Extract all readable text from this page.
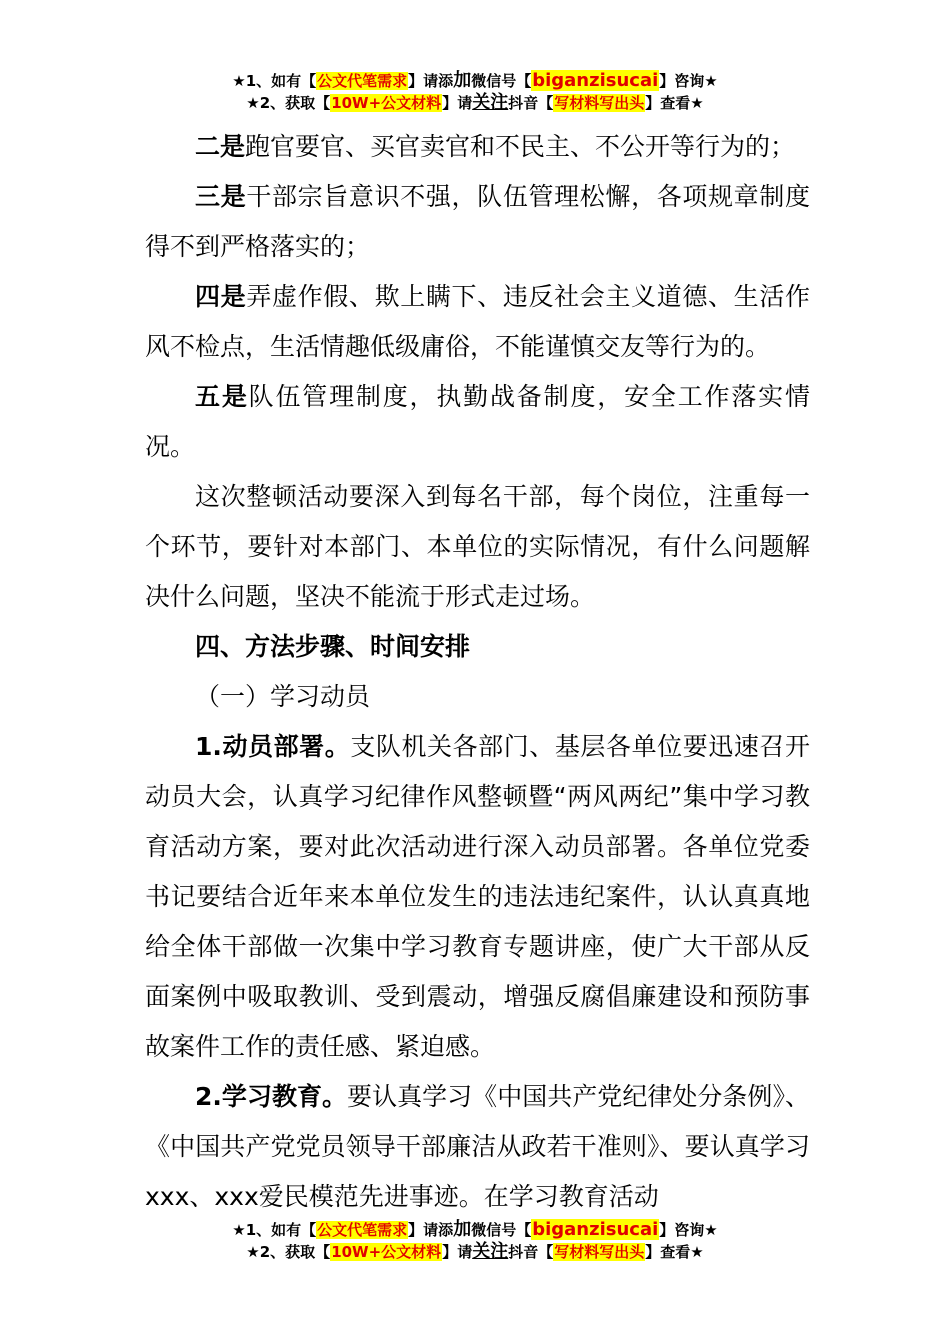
★1、如有【公文代笔需求】请添加微信号【biganzisucai】咨询★
★2、获取【10W+公文材料】请关注抖音【写材料写出头】查看★

二是跑官要官、买官卖官和不民主、不公开等行为的；

三是干部宗旨意识不强，队伍管理松懈，各项规章制度得不到严格落实的；

四是弄虚作假、欺上瞒下、违反社会主义道德、生活作风不检点，生活情趣低级庸俗，不能谨慎交友等行为的。

五是队伍管理制度，执勤战备制度，安全工作落实情况。

这次整顿活动要深入到每名干部，每个岗位，注重每一个环节，要针对本部门、本单位的实际情况，有什么问题解决什么问题，坚决不能流于形式走过场。

四、方法步骤、时间安排

（一）学习动员

1.动员部署。支队机关各部门、基层各单位要迅速召开动员大会，认真学习纪律作风整顿暨“两风两纪”集中学习教育活动方案，要对此次活动进行深入动员部署。各单位党委书记要结合近年来本单位发生的违法违纪案件，认认真真地给全体干部做一次集中学习教育专题讲座，使广大干部从反面案例中吸取教训、受到震动，增强反腐倡廉建设和预防事故案件工作的责任感、紧迫感。

2.学习教育。要认真学习《中国共产党纪律处分条例》、《中国共产党党员领导干部廉洁从政若干准则》、要认真学习xxx、xxx爱民模范先进事迹。在学习教育活动

★1、如有【公文代笔需求】请添加微信号【biganzisucai】咨询★
★2、获取【10W+公文材料】请关注抖音【写材料写出头】查看★
